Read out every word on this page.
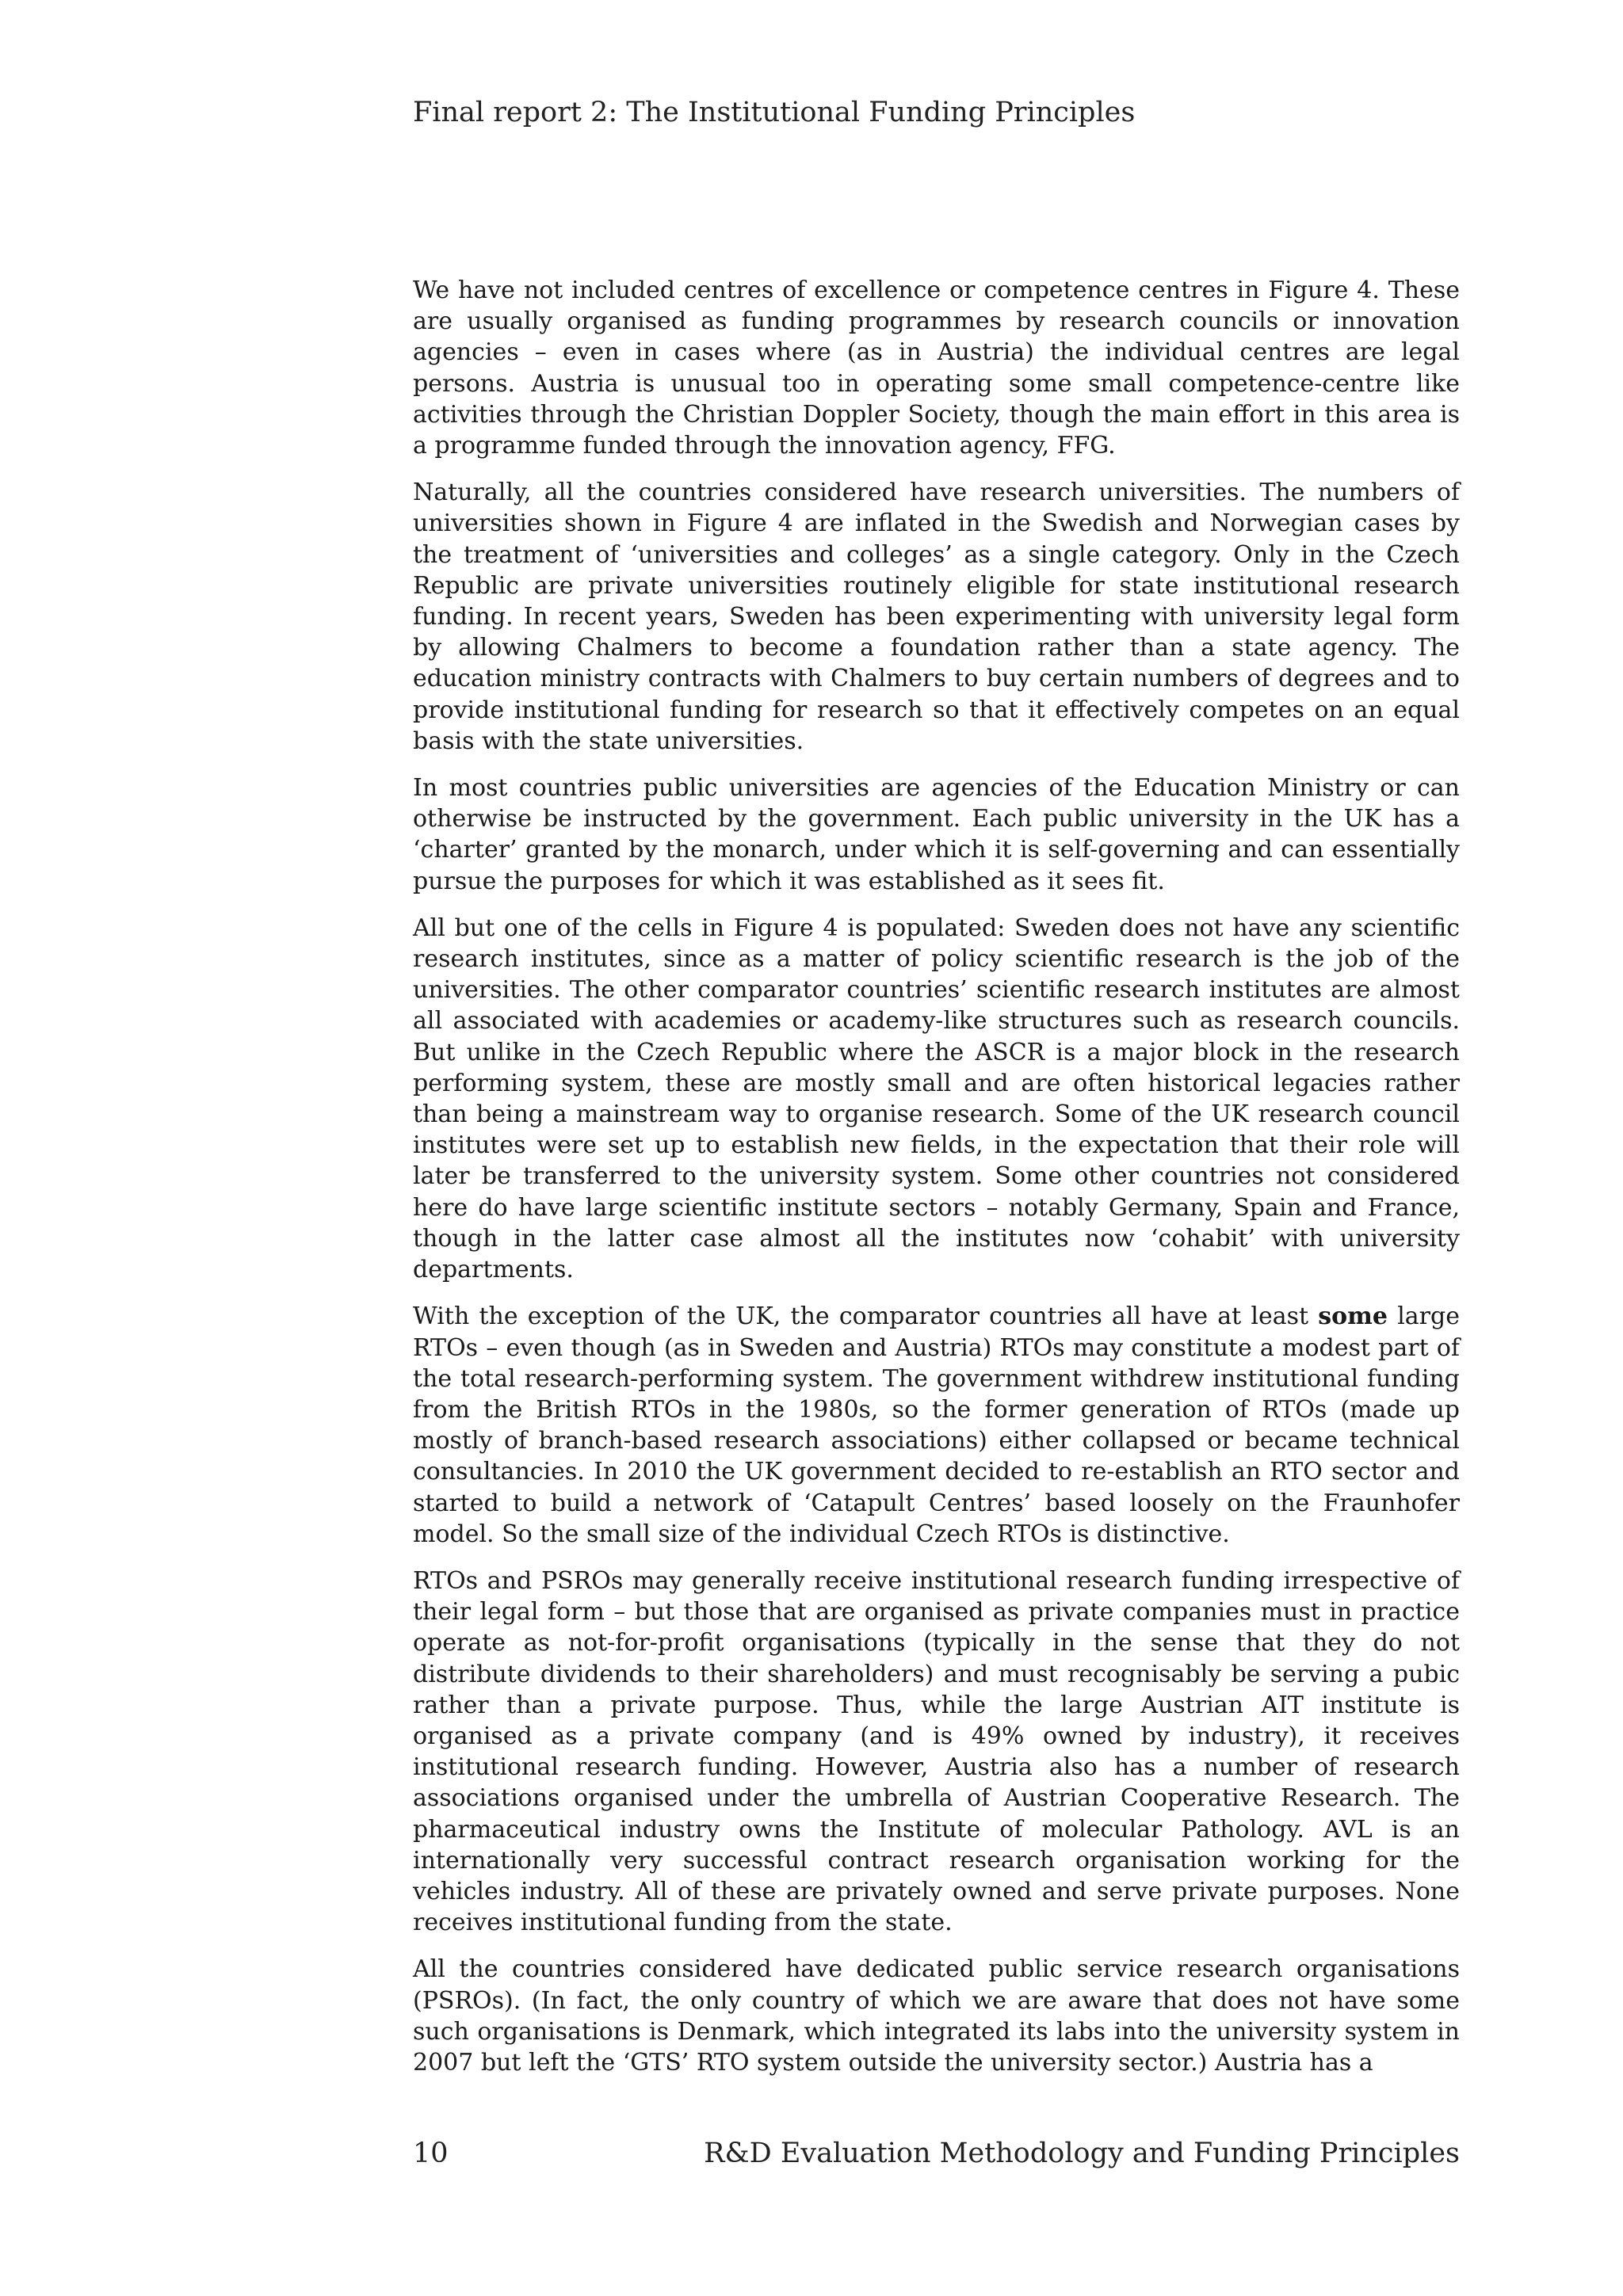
Final report 2: The Institutional Funding Principles

We have not included centres of excellence or competence centres in Figure 4. These are usually organised as funding programmes by research councils or innovation agencies – even in cases where (as in Austria) the individual centres are legal persons. Austria is unusual too in operating some small competence-centre like activities through the Christian Doppler Society, though the main effort in this area is a programme funded through the innovation agency, FFG.

Naturally, all the countries considered have research universities. The numbers of universities shown in Figure 4 are inflated in the Swedish and Norwegian cases by the treatment of ‘universities and colleges’ as a single category. Only in the Czech Republic are private universities routinely eligible for state institutional research funding. In recent years, Sweden has been experimenting with university legal form by allowing Chalmers to become a foundation rather than a state agency. The education ministry contracts with Chalmers to buy certain numbers of degrees and to provide institutional funding for research so that it effectively competes on an equal basis with the state universities.

In most countries public universities are agencies of the Education Ministry or can otherwise be instructed by the government. Each public university in the UK has a ‘charter’ granted by the monarch, under which it is self-governing and can essentially pursue the purposes for which it was established as it sees fit.

All but one of the cells in Figure 4 is populated: Sweden does not have any scientific research institutes, since as a matter of policy scientific research is the job of the universities. The other comparator countries’ scientific research institutes are almost all associated with academies or academy-like structures such as research councils. But unlike in the Czech Republic where the ASCR is a major block in the research performing system, these are mostly small and are often historical legacies rather than being a mainstream way to organise research. Some of the UK research council institutes were set up to establish new fields, in the expectation that their role will later be transferred to the university system. Some other countries not considered here do have large scientific institute sectors – notably Germany, Spain and France, though in the latter case almost all the institutes now ‘cohabit’ with university departments.

With the exception of the UK, the comparator countries all have at least some large RTOs – even though (as in Sweden and Austria) RTOs may constitute a modest part of the total research-performing system. The government withdrew institutional funding from the British RTOs in the 1980s, so the former generation of RTOs (made up mostly of branch-based research associations) either collapsed or became technical consultancies. In 2010 the UK government decided to re-establish an RTO sector and started to build a network of ‘Catapult Centres’ based loosely on the Fraunhofer model. So the small size of the individual Czech RTOs is distinctive.

RTOs and PSROs may generally receive institutional research funding irrespective of their legal form – but those that are organised as private companies must in practice operate as not-for-profit organisations (typically in the sense that they do not distribute dividends to their shareholders) and must recognisably be serving a pubic rather than a private purpose. Thus, while the large Austrian AIT institute is organised as a private company (and is 49% owned by industry), it receives institutional research funding. However, Austria also has a number of research associations organised under the umbrella of Austrian Cooperative Research. The pharmaceutical industry owns the Institute of molecular Pathology. AVL is an internationally very successful contract research organisation working for the vehicles industry. All of these are privately owned and serve private purposes. None receives institutional funding from the state.

All the countries considered have dedicated public service research organisations (PSROs). (In fact, the only country of which we are aware that does not have some such organisations is Denmark, which integrated its labs into the university system in 2007 but left the ‘GTS’ RTO system outside the university sector.) Austria has a

10	R&D Evaluation Methodology and Funding Principles
